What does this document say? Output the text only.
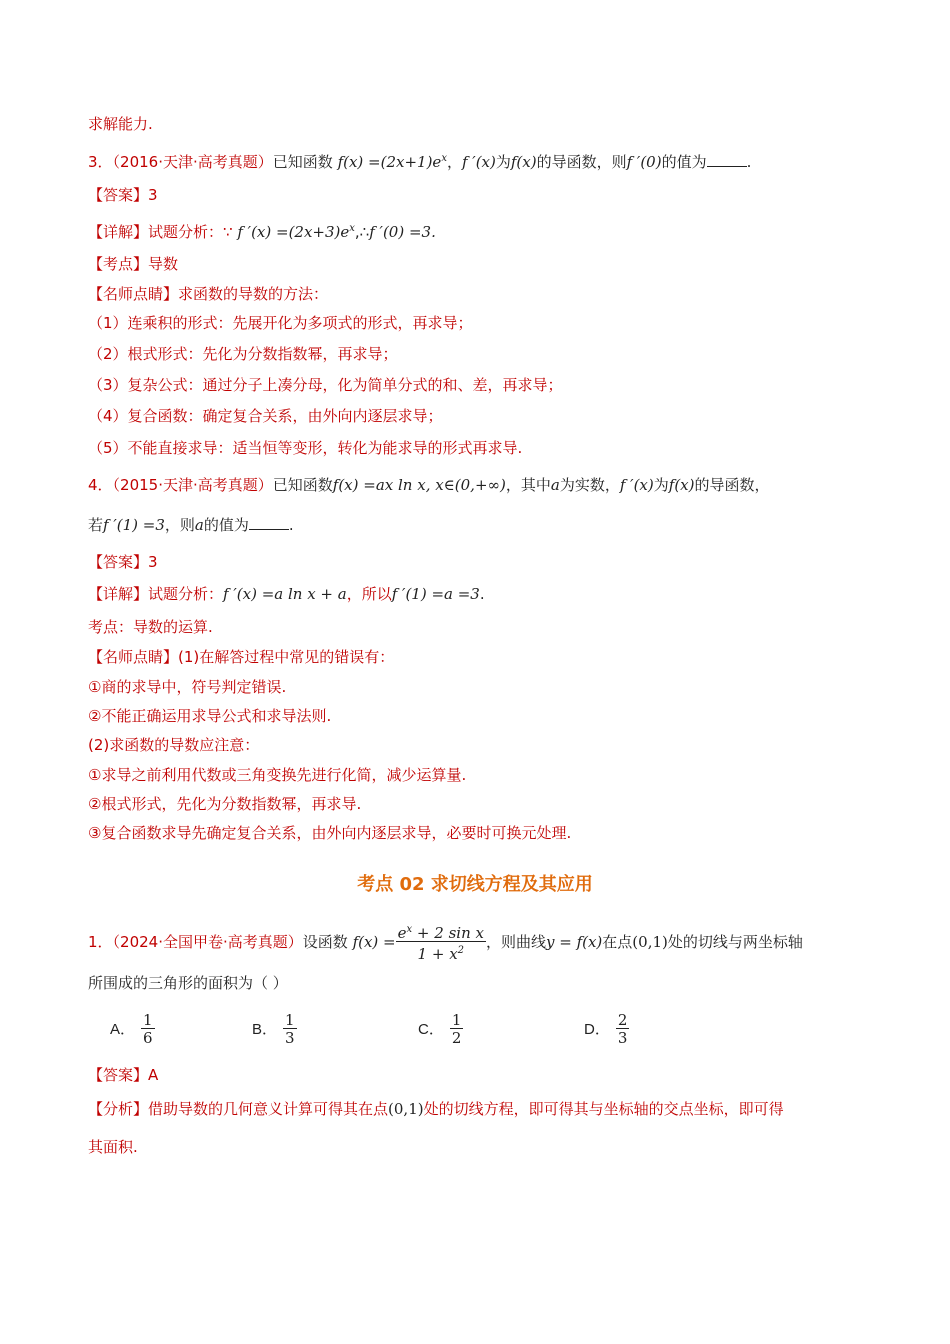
求解能力.
3．（2016·天津·高考真题）已知函数 $f(x) =(2x+1)e^x$，f ′(x)为f(x)的导函数，则f ′(0)的值为	.
【答案】3
【详解】试题分析：∵ f $'(x) =(2x+3)e^x,\therefore f$ ′(0) =3.
【考点】导数
【名师点睛】求函数的导数的方法：
（1）连乘积的形式：先展开化为多项式的形式，再求导；
（2）根式形式：先化为分数指数幂，再求导；
（3）复杂公式：通过分子上凑分母，化为简单分式的和、差，再求导；
（4）复合函数：确定复合关系，由外向内逐层求导；
（5）不能直接求导：适当恒等变形，转化为能求导的形式再求导.
4．（2015·天津·高考真题）已知函数f(x) =ax ln x, x∈(0,+∞)，其中a为实数，f ′(x)为f(x)的导函数，
若f ′(1) =3，则a的值为	.
【答案】3
【详解】试题分析：f ′(x) =a ln x + a，所以f ′(1) =a =3.
考点：导数的运算.
【名师点睛】(1)在解答过程中常见的错误有：
①商的求导中，符号判定错误.
②不能正确运用求导公式和求导法则.
(2)求函数的导数应注意：
①求导之前利用代数或三角变换先进行化简，减少运算量.
②根式形式，先化为分数指数幂，再求导.
③复合函数求导先确定复合关系，由外向内逐层求导，必要时可换元处理.
考点 02 求切线方程及其应用
1．（2024·全国甲卷·高考真题）设函数 $f(x) = \frac{e^x + 2 \sin x}{1 + x^2}$ ，则曲线y = f(x)在点(0,1)处的切线与两坐标轴
所围成的三角形的面积为（ ）
A． $\frac{1}{6}$	B． $\frac{1}{3}$	C． $\frac{1}{2}$	D． $\frac{2}{3}$
【答案】A
【分析】借助导数的几何意义计算可得其在点(0,1)处的切线方程，即可得其与坐标轴的交点坐标，即可得
其面积.
